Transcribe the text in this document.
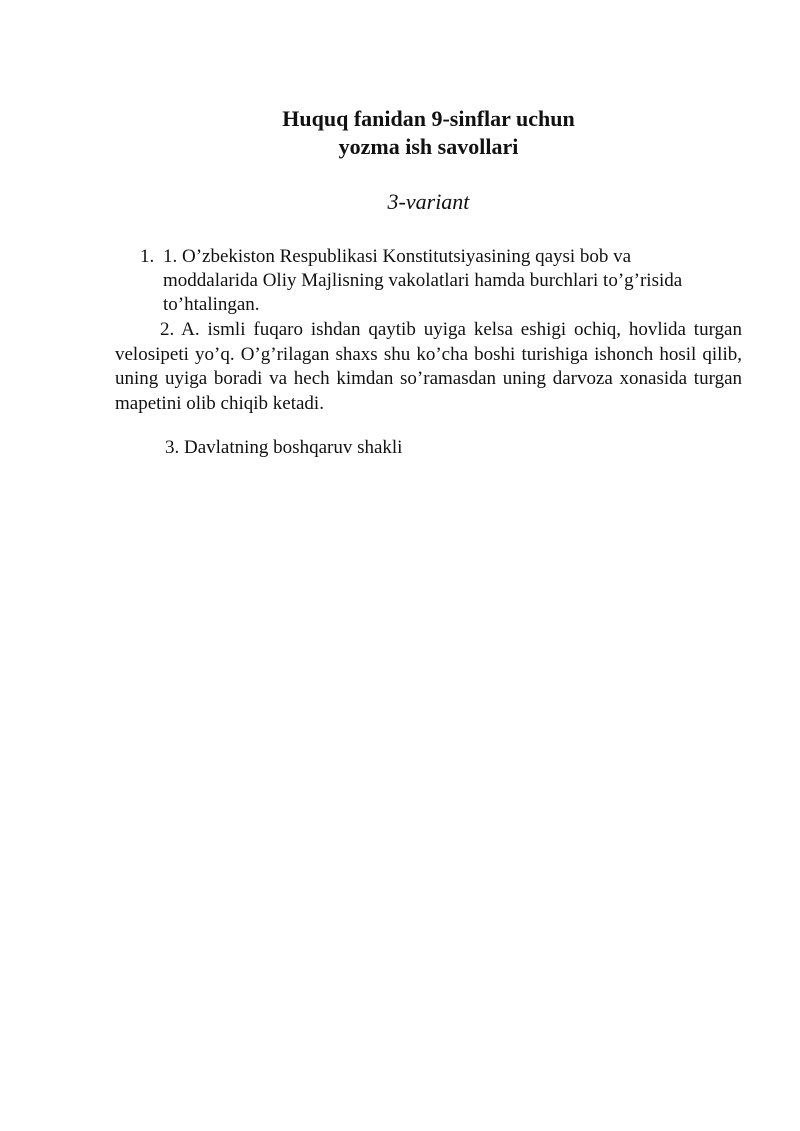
Huquq fanidan 9-sinflar uchun
yozma ish savollari
3-variant
1. 1. O’zbekiston Respublikasi Konstitutsiyasining qaysi bob va moddalarida Oliy Majlisning vakolatlari hamda burchlari to’g’risida to’htalingan.
2. A. ismli fuqaro ishdan qaytib uyiga kelsa eshigi ochiq, hovlida turgan velosipeti yo’q. O’g’rilagan shaxs shu ko’cha boshi turishiga ishonch hosil qilib, uning uyiga boradi va hech kimdan so’ramasdan uning darvoza xonasida turgan mapetini olib chiqib ketadi.
3. Davlatning boshqaruv shakli
